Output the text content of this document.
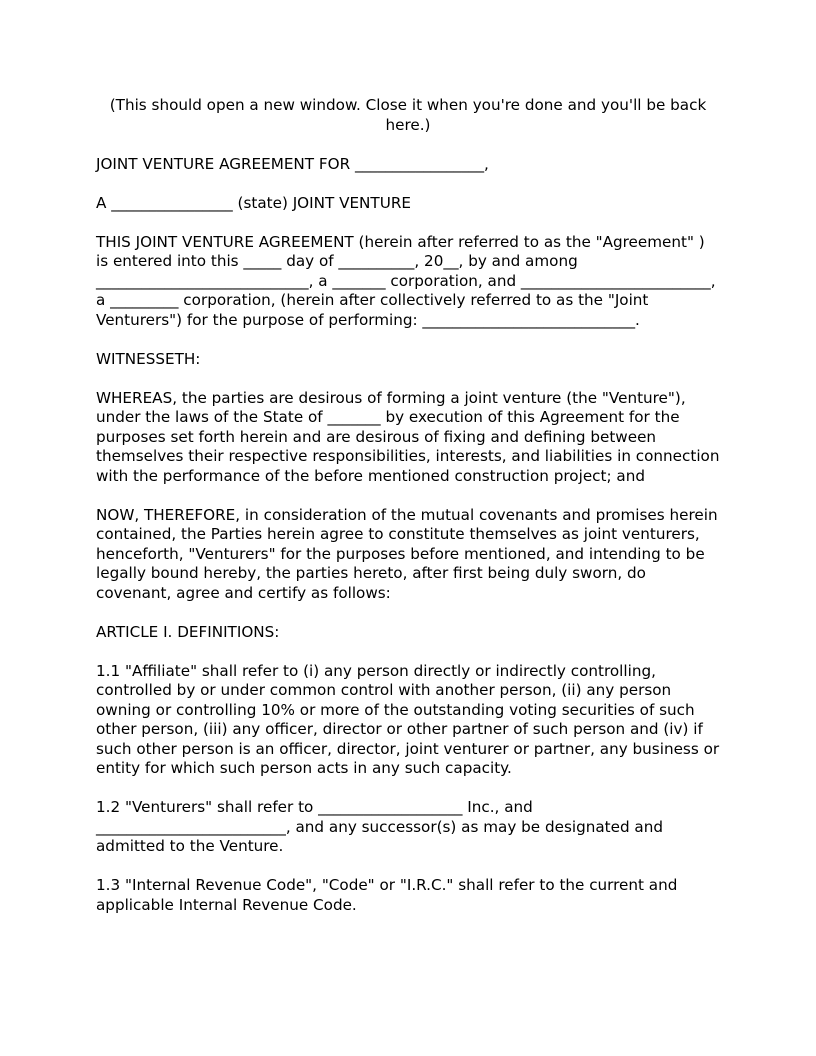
(This should open a new window. Close it when you're done and you'll be back here.)

JOINT VENTURE AGREEMENT FOR _________________,

A ________________ (state) JOINT VENTURE

THIS JOINT VENTURE AGREEMENT (herein after referred to as the "Agreement" ) is entered into this _____ day of __________, 20__, by and among ____________________________, a _______ corporation, and _________________________, a _________ corporation, (herein after collectively referred to as the "Joint Venturers") for the purpose of performing: ____________________________.

WITNESSETH:

WHEREAS, the parties are desirous of forming a joint venture (the "Venture"), under the laws of the State of _______ by execution of this Agreement for the purposes set forth herein and are desirous of fixing and defining between themselves their respective responsibilities, interests, and liabilities in connection with the performance of the before mentioned construction project; and

NOW, THEREFORE, in consideration of the mutual covenants and promises herein contained, the Parties herein agree to constitute themselves as joint venturers, henceforth, "Venturers" for the purposes before mentioned, and intending to be legally bound hereby, the parties hereto, after first being duly sworn, do covenant, agree and certify as follows:

ARTICLE I. DEFINITIONS:

1.1 "Affiliate" shall refer to (i) any person directly or indirectly controlling, controlled by or under common control with another person, (ii) any person owning or controlling 10% or more of the outstanding voting securities of such other person, (iii) any officer, director or other partner of such person and (iv) if such other person is an officer, director, joint venturer or partner, any business or entity for which such person acts in any such capacity.

1.2 "Venturers" shall refer to ___________________ Inc., and _________________________, and any successor(s) as may be designated and admitted to the Venture.

1.3 "Internal Revenue Code", "Code" or "I.R.C." shall refer to the current and applicable Internal Revenue Code.
